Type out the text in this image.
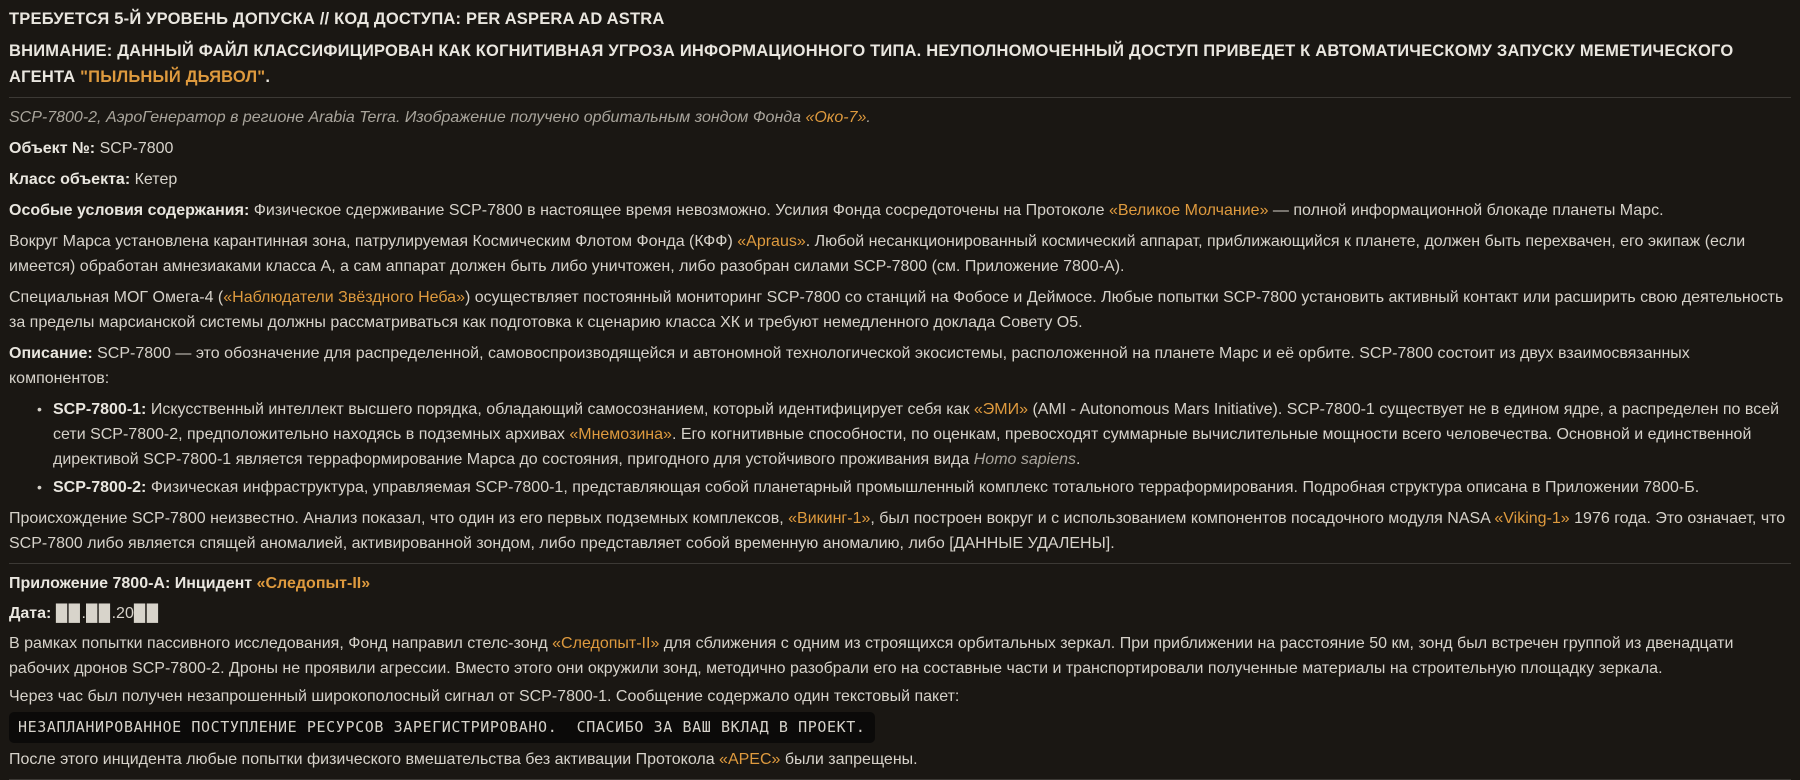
ТРЕБУЕТСЯ 5-Й УРОВЕНЬ ДОПУСКА // КОД ДОСТУПА: PER ASPERA AD ASTRA
ВНИМАНИЕ: ДАННЫЙ ФАЙЛ КЛАССИФИЦИРОВАН КАК КОГНИТИВНАЯ УГРОЗА ИНФОРМАЦИОННОГО ТИПА. НЕУПОЛНОМОЧЕННЫЙ ДОСТУП ПРИВЕДЕТ К АВТОМАТИЧЕСКОМУ ЗАПУСКУ МЕМЕТИЧЕСКОГО АГЕНТА "ПЫЛЬНЫЙ ДЬЯВОЛ".
SCP-7800-2, АэроГенератор в регионе Arabia Terra. Изображение получено орбитальным зондом Фонда «Око-7».
Объект №: SCP-7800
Класс объекта: Кетер
Особые условия содержания: Физическое сдерживание SCP-7800 в настоящее время невозможно. Усилия Фонда сосредоточены на Протоколе «Великое Молчание» — полной информационной блокаде планеты Марс.
Вокруг Марса установлена карантинная зона, патрулируемая Космическим Флотом Фонда (КФФ) «Apraus». Любой несанкционированный космический аппарат, приближающийся к планете, должен быть перехвачен, его экипаж (если имеется) обработан амнезиаками класса А, а сам аппарат должен быть либо уничтожен, либо разобран силами SCP-7800 (см. Приложение 7800-А).
Специальная МОГ Омега-4 («Наблюдатели Звёздного Неба») осуществляет постоянный мониторинг SCP-7800 со станций на Фобосе и Деймосе. Любые попытки SCP-7800 установить активный контакт или расширить свою деятельность за пределы марсианской системы должны рассматриваться как подготовка к сценарию класса ХК и требуют немедленного доклада Совету О5.
Описание: SCP-7800 — это обозначение для распределенной, самовоспроизводящейся и автономной технологической экосистемы, расположенной на планете Марс и её орбите. SCP-7800 состоит из двух взаимосвязанных компонентов:
• SCP-7800-1: Искусственный интеллект высшего порядка, обладающий самосознанием, который идентифицирует себя как «ЭМИ» (AMI - Autonomous Mars Initiative). SCP-7800-1 существует не в едином ядре, а распределен по всей сети SCP-7800-2, предположительно находясь в подземных архивах «Мнемозина». Его когнитивные способности, по оценкам, превосходят суммарные вычислительные мощности всего человечества. Основной и единственной директивой SCP-7800-1 является терраформирование Марса до состояния, пригодного для устойчивого проживания вида Homo sapiens.
• SCP-7800-2: Физическая инфраструктура, управляемая SCP-7800-1, представляющая собой планетарный промышленный комплекс тотального терраформирования. Подробная структура описана в Приложении 7800-Б.
Происхождение SCP-7800 неизвестно. Анализ показал, что один из его первых подземных комплексов, «Викинг-1», был построен вокруг и с использованием компонентов посадочного модуля NASA «Viking-1» 1976 года. Это означает, что SCP-7800 либо является спящей аномалией, активированной зондом, либо представляет собой временную аномалию, либо [ДАННЫЕ УДАЛЕНЫ].
Приложение 7800-А: Инцидент «Следопыт-II»
Дата: ██.██.20██
В рамках попытки пассивного исследования, Фонд направил стелс-зонд «Следопыт-II» для сближения с одним из строящихся орбитальных зеркал. При приближении на расстояние 50 км, зонд был встречен группой из двенадцати рабочих дронов SCP-7800-2. Дроны не проявили агрессии. Вместо этого они окружили зонд, методично разобрали его на составные части и транспортировали полученные материалы на строительную площадку зеркала.
Через час был получен незапрошенный широкополосный сигнал от SCP-7800-1. Сообщение содержало один текстовый пакет:
НЕЗАПЛАНИРОВАННОЕ ПОСТУПЛЕНИЕ РЕСУРСОВ ЗАРЕГИСТРИРОВАНО.  СПАСИБО ЗА ВАШ ВКЛАД В ПРОЕКТ.
После этого инцидента любые попытки физического вмешательства без активации Протокола «АРЕС» были запрещены.
